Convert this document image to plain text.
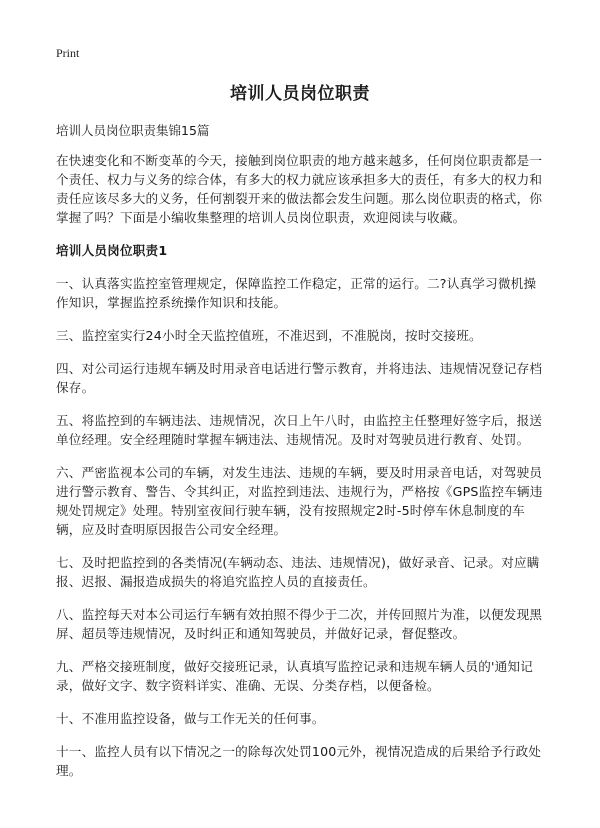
Print
培训人员岗位职责
培训人员岗位职责集锦15篇

在快速变化和不断变革的今天，接触到岗位职责的地方越来越多，任何岗位职责都是一个责任、权力与义务的综合体，有多大的权力就应该承担多大的责任，有多大的权力和责任应该尽多大的义务，任何割裂开来的做法都会发生问题。那么岗位职责的格式，你掌握了吗？下面是小编收集整理的培训人员岗位职责，欢迎阅读与收藏。

培训人员岗位职责1

一、认真落实监控室管理规定，保障监控工作稳定，正常的运行。二?认真学习微机操作知识，掌握监控系统操作知识和技能。

三、监控室实行24小时全天监控值班，不准迟到，不准脱岗，按时交接班。

四、对公司运行违规车辆及时用录音电话进行警示教育，并将违法、违规情况登记存档保存。

五、将监控到的车辆违法、违规情况，次日上午八时，由监控主任整理好签字后，报送单位经理。安全经理随时掌握车辆违法、违规情况。及时对驾驶员进行教育、处罚。

六、严密监视本公司的车辆，对发生违法、违规的车辆，要及时用录音电话，对驾驶员进行警示教育、警告、令其纠正，对监控到违法、违规行为，严格按《GPS监控车辆违规处罚规定》处理。特别室夜间行驶车辆，没有按照规定2时-5时停车休息制度的车辆，应及时查明原因报告公司安全经理。

七、及时把监控到的各类情况(车辆动态、违法、违规情况)，做好录音、记录。对应瞒报、迟报、漏报造成损失的将追究监控人员的直接责任。

八、监控每天对本公司运行车辆有效拍照不得少于二次，并传回照片为准，以便发现黑屏、超员等违规情况，及时纠正和通知驾驶员，并做好记录，督促整改。

九、严格交接班制度，做好交接班记录，认真填写监控记录和违规车辆人员的'通知记录，做好文字、数字资料详实、准确、无误、分类存档，以便备检。

十、不准用监控设备，做与工作无关的任何事。

十一、监控人员有以下情况之一的除每次处罚100元外，视情况造成的后果给予行政处理。
